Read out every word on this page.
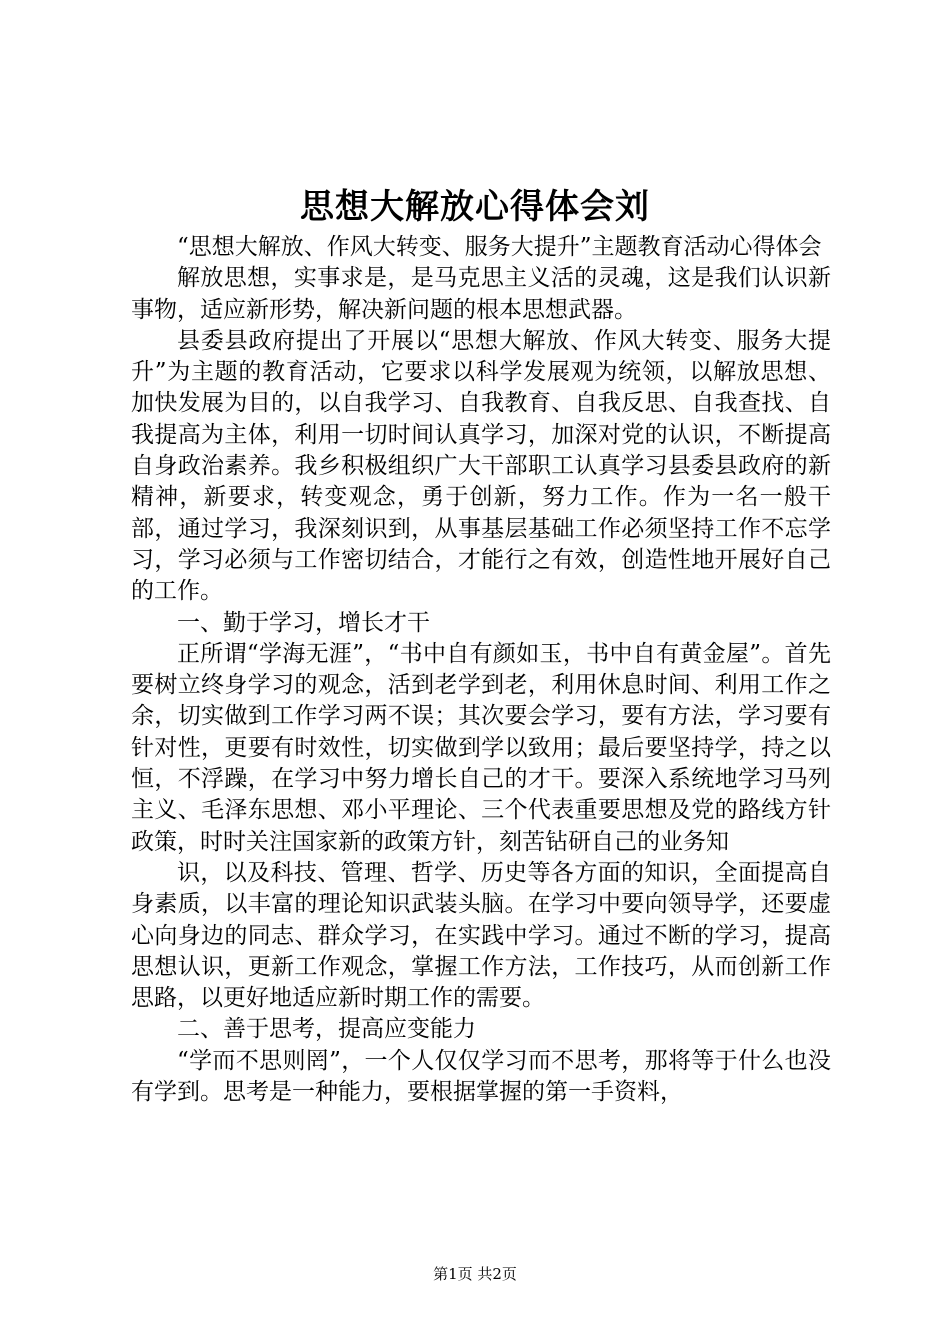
思想大解放心得体会刘

“思想大解放、作风大转变、服务大提升”主题教育活动心得体会

解放思想，实事求是，是马克思主义活的灵魂，这是我们认识新事物，适应新形势，解决新问题的根本思想武器。

县委县政府提出了开展以“思想大解放、作风大转变、服务大提升”为主题的教育活动，它要求以科学发展观为统领，以解放思想、加快发展为目的，以自我学习、自我教育、自我反思、自我查找、自我提高为主体，利用一切时间认真学习，加深对党的认识，不断提高自身政治素养。我乡积极组织广大干部职工认真学习县委县政府的新精神，新要求，转变观念，勇于创新，努力工作。作为一名一般干部，通过学习，我深刻识到，从事基层基础工作必须坚持工作不忘学习，学习必须与工作密切结合，才能行之有效，创造性地开展好自己的工作。

一、勤于学习，增长才干

正所谓“学海无涯”，“书中自有颜如玉，书中自有黄金屋”。首先要树立终身学习的观念，活到老学到老，利用休息时间、利用工作之余，切实做到工作学习两不误；其次要会学习，要有方法，学习要有针对性，更要有时效性，切实做到学以致用；最后要坚持学，持之以恒，不浮躁，在学习中努力增长自己的才干。要深入系统地学习马列主义、毛泽东思想、邓小平理论、三个代表重要思想及党的路线方针政策，时时关注国家新的政策方针，刻苦钻研自己的业务知

识，以及科技、管理、哲学、历史等各方面的知识，全面提高自身素质，以丰富的理论知识武装头脑。在学习中要向领导学，还要虚心向身边的同志、群众学习，在实践中学习。通过不断的学习，提高思想认识，更新工作观念，掌握工作方法，工作技巧，从而创新工作思路，以更好地适应新时期工作的需要。

二、善于思考，提高应变能力

“学而不思则罔”，一个人仅仅学习而不思考，那将等于什么也没有学到。思考是一种能力，要根据掌握的第一手资料，

第1页 共2页
